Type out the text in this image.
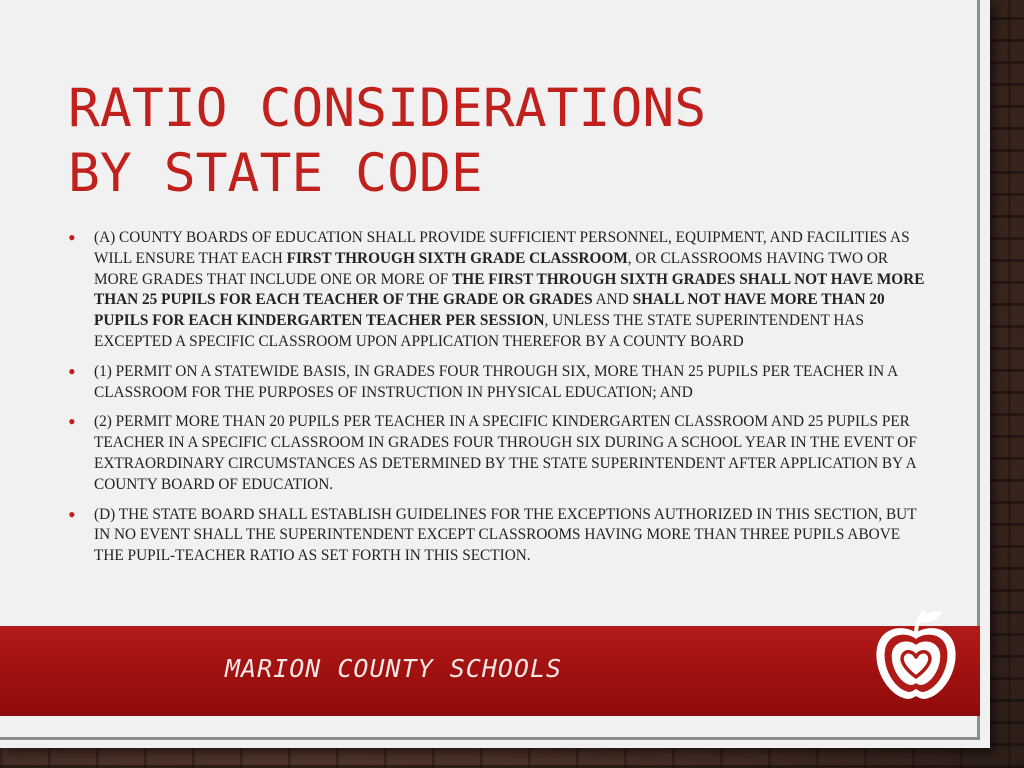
RATIO CONSIDERATIONS
BY STATE CODE
• (A) COUNTY BOARDS OF EDUCATION SHALL PROVIDE SUFFICIENT PERSONNEL, EQUIPMENT, AND FACILITIES AS WILL ENSURE THAT EACH FIRST THROUGH SIXTH GRADE CLASSROOM, OR CLASSROOMS HAVING TWO OR MORE GRADES THAT INCLUDE ONE OR MORE OF THE FIRST THROUGH SIXTH GRADES SHALL NOT HAVE MORE THAN 25 PUPILS FOR EACH TEACHER OF THE GRADE OR GRADES AND SHALL NOT HAVE MORE THAN 20 PUPILS FOR EACH KINDERGARTEN TEACHER PER SESSION, UNLESS THE STATE SUPERINTENDENT HAS EXCEPTED A SPECIFIC CLASSROOM UPON APPLICATION THEREFOR BY A COUNTY BOARD
• (1) PERMIT ON A STATEWIDE BASIS, IN GRADES FOUR THROUGH SIX, MORE THAN 25 PUPILS PER TEACHER IN A CLASSROOM FOR THE PURPOSES OF INSTRUCTION IN PHYSICAL EDUCATION; AND
• (2) PERMIT MORE THAN 20 PUPILS PER TEACHER IN A SPECIFIC KINDERGARTEN CLASSROOM AND 25 PUPILS PER TEACHER IN A SPECIFIC CLASSROOM IN GRADES FOUR THROUGH SIX DURING A SCHOOL YEAR IN THE EVENT OF EXTRAORDINARY CIRCUMSTANCES AS DETERMINED BY THE STATE SUPERINTENDENT AFTER APPLICATION BY A COUNTY BOARD OF EDUCATION.
• (D) THE STATE BOARD SHALL ESTABLISH GUIDELINES FOR THE EXCEPTIONS AUTHORIZED IN THIS SECTION, BUT IN NO EVENT SHALL THE SUPERINTENDENT EXCEPT CLASSROOMS HAVING MORE THAN THREE PUPILS ABOVE THE PUPIL-TEACHER RATIO AS SET FORTH IN THIS SECTION.

MARION COUNTY SCHOOLS
